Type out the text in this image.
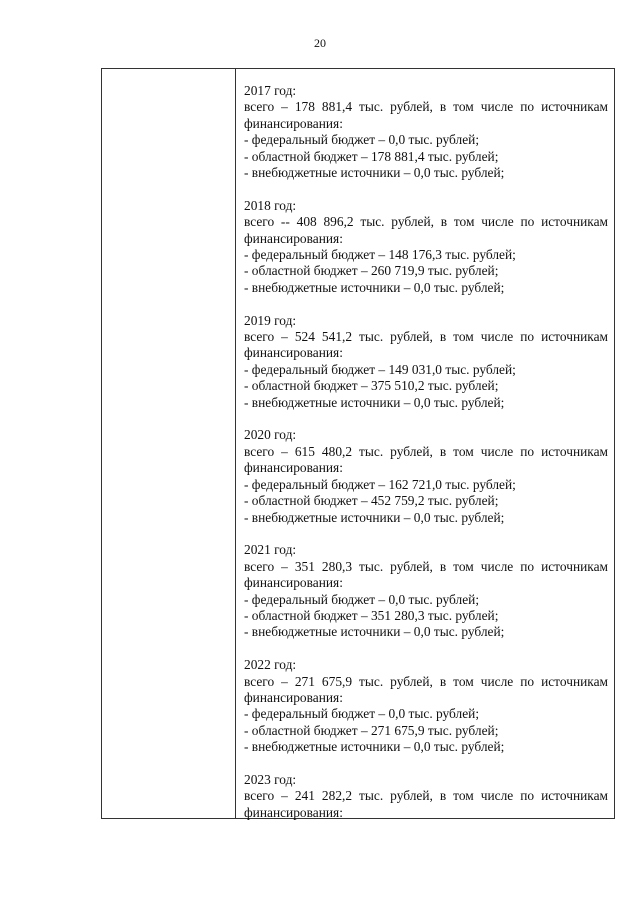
20
2017 год:
всего – 178 881,4 тыс. рублей, в том числе по источникам
финансирования:
- федеральный бюджет – 0,0 тыс. рублей;
- областной бюджет – 178 881,4 тыс. рублей;
- внебюджетные источники – 0,0 тыс. рублей;
2018 год:
всего -- 408 896,2 тыс. рублей, в том числе по источникам
финансирования:
- федеральный бюджет – 148 176,3 тыс. рублей;
- областной бюджет – 260 719,9 тыс. рублей;
- внебюджетные источники – 0,0 тыс. рублей;
2019 год:
всего – 524 541,2 тыс. рублей, в том числе по источникам
финансирования:
- федеральный бюджет – 149 031,0 тыс. рублей;
- областной бюджет – 375 510,2 тыс. рублей;
- внебюджетные источники – 0,0 тыс. рублей;
2020 год:
всего – 615 480,2 тыс. рублей, в том числе по источникам
финансирования:
- федеральный бюджет – 162 721,0 тыс. рублей;
- областной бюджет – 452 759,2 тыс. рублей;
- внебюджетные источники – 0,0 тыс. рублей;
2021 год:
всего – 351 280,3 тыс. рублей, в том числе по источникам
финансирования:
- федеральный бюджет – 0,0 тыс. рублей;
- областной бюджет – 351 280,3 тыс. рублей;
- внебюджетные источники – 0,0 тыс. рублей;
2022 год:
всего – 271 675,9 тыс. рублей, в том числе по источникам
финансирования:
- федеральный бюджет – 0,0 тыс. рублей;
- областной бюджет – 271 675,9 тыс. рублей;
- внебюджетные источники – 0,0 тыс. рублей;
2023 год:
всего – 241 282,2 тыс. рублей, в том числе по источникам
финансирования:
